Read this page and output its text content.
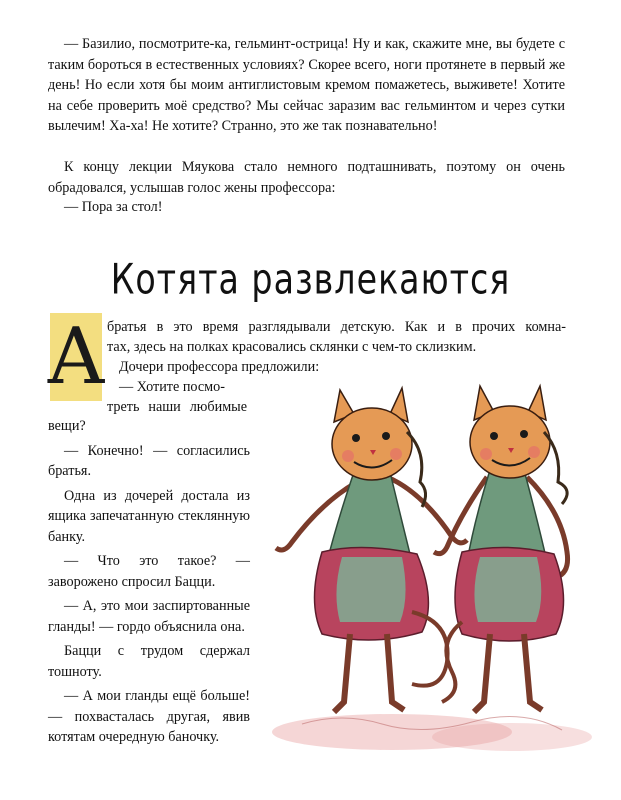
— Базилио, посмотрите-ка, гельминт-острица! Ну и как, скажите мне, вы будете с таким бороться в естественных условиях? Скорее всего, ноги протянете в первый же день! Но если хотя бы моим антиглистовым кремом помажетесь, выживете! Хотите на себе проверить моё средство? Мы сейчас заразим вас гельминтом и через сутки вылечим! Ха-ха! Не хотите? Странно, это же так познавательно!

К концу лекции Мяукова стало немного подташнивать, поэтому он очень обрадовался, услышав голос жены профессора:

— Пора за стол!

Котята развлекаются
А братья в это время разглядывали детскую. Как и в прочих комна-
тах, здесь на полках красовались склянки с чем-то склизким.
Дочери профессора предложили:
— Хотите посмо-
треть наши любимые

вещи?

— Конечно! — согласились братья.

Одна из дочерей достала из ящика запечатанную стеклянную банку.

— Что это такое? — заворожено спросил Бацци.

— А, это мои заспиртованные гланды! — гордо объяснила она.

Бацци с трудом сдержал тошноту.

— А мои гланды ещё больше! — похвасталась другая, явив котятам очередную баночку.
